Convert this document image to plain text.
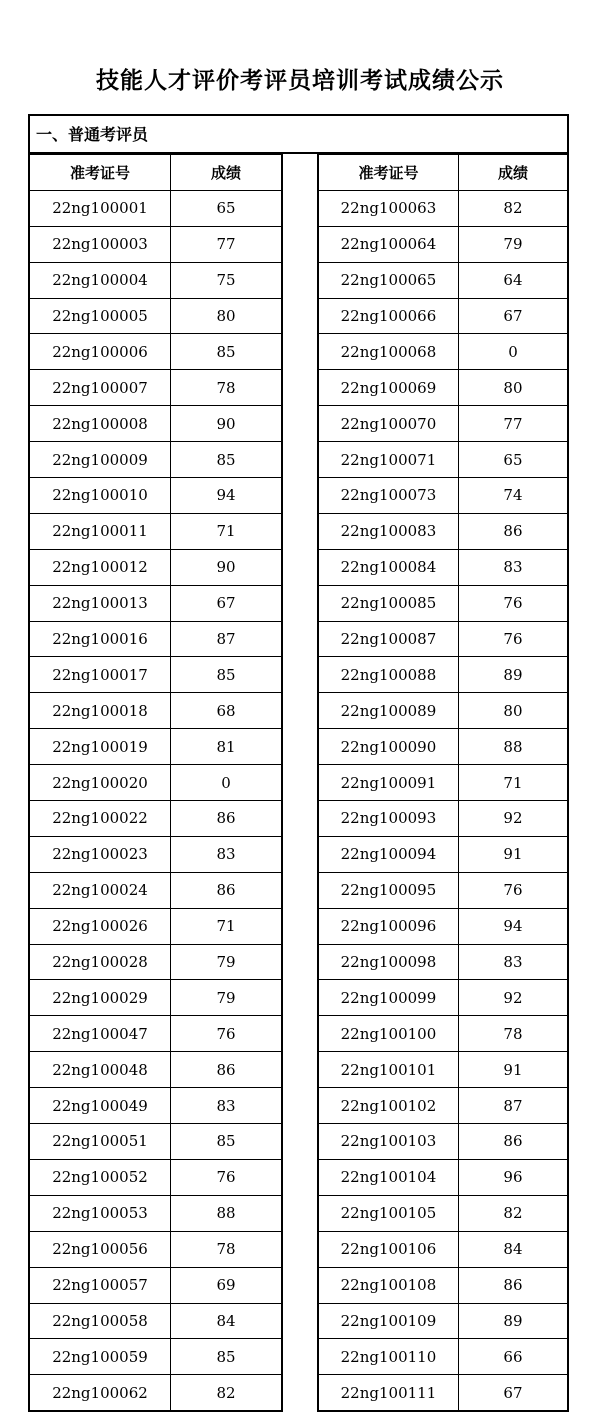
技能人才评价考评员培训考试成绩公示
一、普通考评员
准考证号	成绩
22ng100001	65
22ng100003	77
22ng100004	75
22ng100005	80
22ng100006	85
22ng100007	78
22ng100008	90
22ng100009	85
22ng100010	94
22ng100011	71
22ng100012	90
22ng100013	67
22ng100016	87
22ng100017	85
22ng100018	68
22ng100019	81
22ng100020	0
22ng100022	86
22ng100023	83
22ng100024	86
22ng100026	71
22ng100028	79
22ng100029	79
22ng100047	76
22ng100048	86
22ng100049	83
22ng100051	85
22ng100052	76
22ng100053	88
22ng100056	78
22ng100057	69
22ng100058	84
22ng100059	85
22ng100062	82
准考证号	成绩
22ng100063	82
22ng100064	79
22ng100065	64
22ng100066	67
22ng100068	0
22ng100069	80
22ng100070	77
22ng100071	65
22ng100073	74
22ng100083	86
22ng100084	83
22ng100085	76
22ng100087	76
22ng100088	89
22ng100089	80
22ng100090	88
22ng100091	71
22ng100093	92
22ng100094	91
22ng100095	76
22ng100096	94
22ng100098	83
22ng100099	92
22ng100100	78
22ng100101	91
22ng100102	87
22ng100103	86
22ng100104	96
22ng100105	82
22ng100106	84
22ng100108	86
22ng100109	89
22ng100110	66
22ng100111	67
